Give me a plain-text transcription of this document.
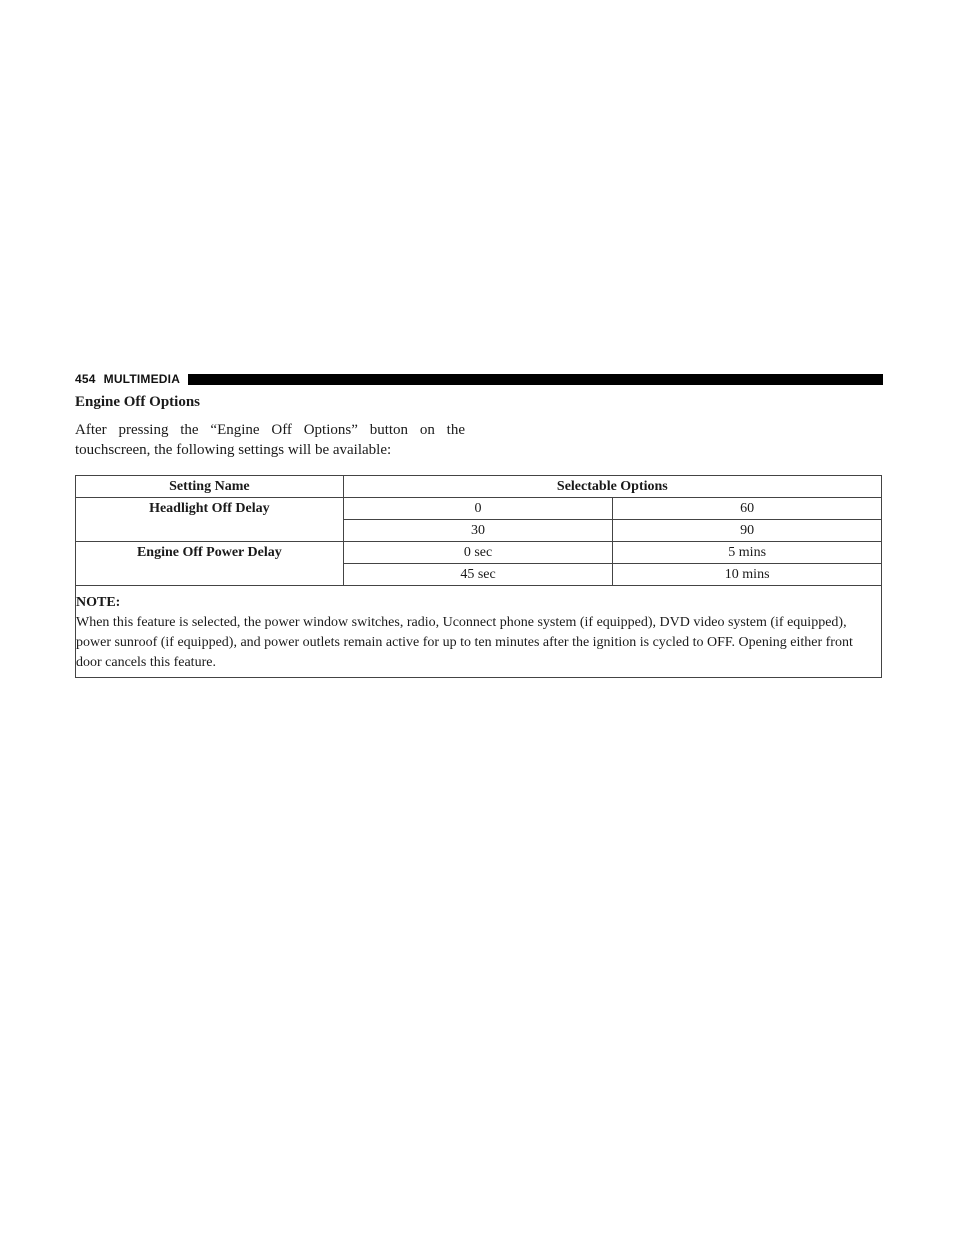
454 MULTIMEDIA
Engine Off Options

After pressing the “Engine Off Options” button on the touchscreen, the following settings will be available:

Setting Name	Selectable Options	
Headlight Off Delay	0	60
	30	90
Engine Off Power Delay	0 sec	5 mins
	45 sec	10 mins

NOTE:
When this feature is selected, the power window switches, radio, Uconnect phone system (if equipped), DVD video system (if equipped), power sunroof (if equipped), and power outlets remain active for up to ten minutes after the ignition is cycled to OFF. Opening either front door cancels this feature.		
